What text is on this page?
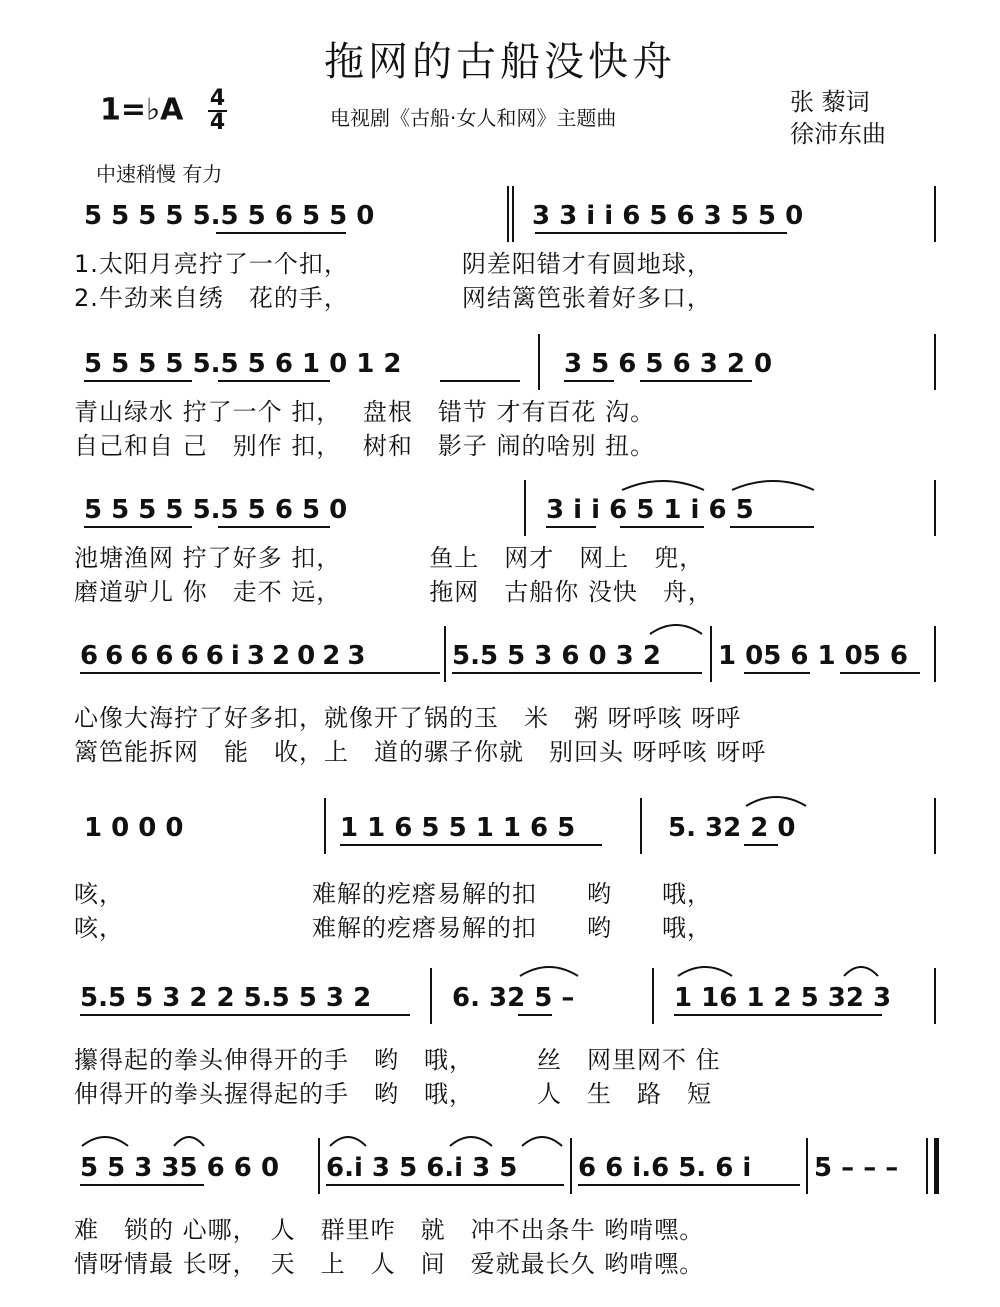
拖网的古船没快舟
1=♭A $\frac{4}{4}$	电视剧《古船·女人和网》主题曲
张 藜词
徐沛东曲
中速稍慢 有力
5 5 5 5 5.5 5 6 5 5 0	3 3 i i 6 5 6 3 5 5 0
1.太阳月亮拧了一个扣，　　　　　阴差阳错才有圆地球，
2.牛劲来自绣　花的手，　　　　　网结篱笆张着好多口，
5 5 5 5 5.5 5 6 1 0 1 2	3 5 6 5 6 3 2 0
青山绿水 拧了一个 扣，　 盘根　错节 才有百花 沟。
自己和自 己　别作 扣，　 树和　影子 闹的啥别 扭。
5 5 5 5 5.5 5 6 5 0	3 i i 6 5 1 i 6 5
池塘渔网 拧了好多 扣，　　　　鱼上　网才　网上　兜，
磨道驴儿 你　走不 远，　　　　拖网　古船你 没快　舟，
6 6 6 6 6 6 i 3 2 0 2 3	5.5 5 3 6 0 3 2 1 05 6 1 05 6
心像大海拧了好多扣，就像开了锅的玉　米　粥 呀呼咳 呀呼
篱笆能拆网　能　收，上　道的骡子你就　别回头 呀呼咳 呀呼
1 0 0 0	1 1 6 5 5 1 1 6 5	5. 32 2 0
咳，　　　　　　　　难解的疙瘩易解的扣　　哟　　哦，
咳，　　　　　　　　难解的疙瘩易解的扣　　哟　　哦，
5.5 5 3 2 2 5.5 5 3 2	6. 32 5 –	1 16 1 2 5 32 3
攥得起的拳头伸得开的手　哟　哦，　　　丝　网里网不 住
伸得开的拳头握得起的手　哟　哦，　　　人　生　路　短
5 5 3 35 6 6 0 6.i 3 5 6.i 3 5 6 6 i.6 5. 6 i 5 – – –
难　锁的 心哪，　人　群里咋　就　冲不出条牛 哟啃嘿。
情呀情最 长呀，　天　上　人　间　爱就最长久 哟啃嘿。
